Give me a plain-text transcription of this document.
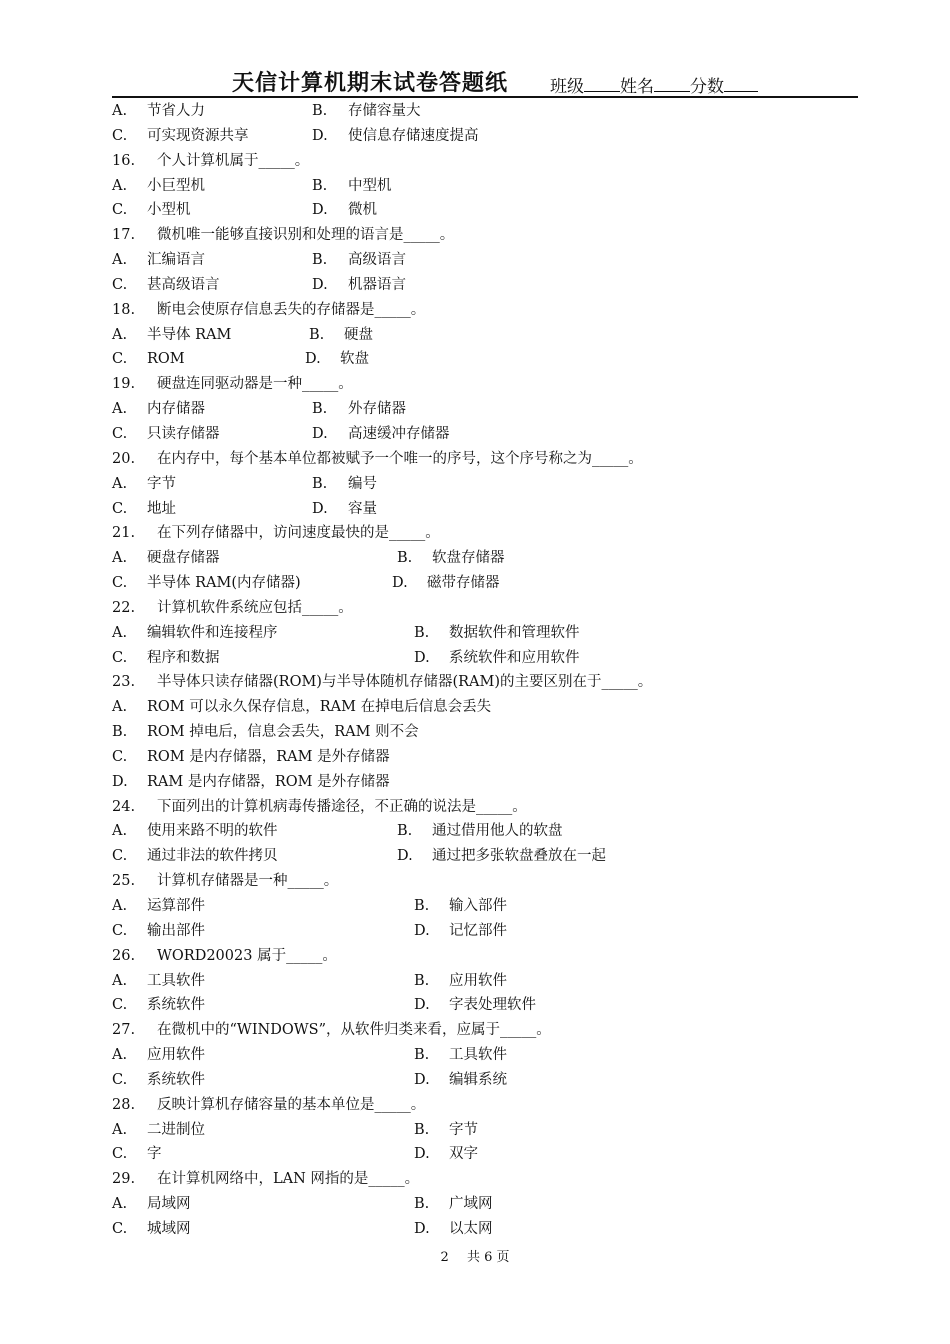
天信计算机期末试卷答题纸 班级 姓名 分数
A. 节省人力	B. 存储容量大
C. 可实现资源共享	D. 使信息存储速度提高
16. 个人计算机属于_____。
A. 小巨型机	B. 中型机
C. 小型机	D. 微机
17. 微机唯一能够直接识别和处理的语言是_____。
A. 汇编语言	B. 高级语言
C. 甚高级语言	D. 机器语言
18. 断电会使原存信息丢失的存储器是_____。
A. 半导体 RAM	B. 硬盘
C. ROM	D. 软盘
19. 硬盘连同驱动器是一种_____。
A. 内存储器	B. 外存储器
C. 只读存储器	D. 高速缓冲存储器
20. 在内存中，每个基本单位都被赋予一个唯一的序号，这个序号称之为_____。
A. 字节	B. 编号
C. 地址	D. 容量
21. 在下列存储器中，访问速度最快的是_____。
A. 硬盘存储器	B. 软盘存储器
C. 半导体 RAM(内存储器)	D. 磁带存储器
22. 计算机软件系统应包括_____。
A. 编辑软件和连接程序	B. 数据软件和管理软件
C. 程序和数据	D. 系统软件和应用软件
23. 半导体只读存储器(ROM)与半导体随机存储器(RAM)的主要区别在于_____。
A. ROM 可以永久保存信息，RAM 在掉电后信息会丢失
B. ROM 掉电后，信息会丢失，RAM 则不会
C. ROM 是内存储器，RAM 是外存储器
D. RAM 是内存储器，ROM 是外存储器
24. 下面列出的计算机病毒传播途径，不正确的说法是_____。
A. 使用来路不明的软件	B. 通过借用他人的软盘
C. 通过非法的软件拷贝	D. 通过把多张软盘叠放在一起
25. 计算机存储器是一种_____。
A. 运算部件	B. 输入部件
C. 输出部件	D. 记忆部件
26. WORD20023 属于_____。
A. 工具软件	B. 应用软件
C. 系统软件	D. 字表处理软件
27. 在微机中的“WINDOWS”，从软件归类来看，应属于_____。
A. 应用软件	B. 工具软件
C. 系统软件	D. 编辑系统
28. 反映计算机存储容量的基本单位是_____。
A. 二进制位	B. 字节
C. 字	D. 双字
29. 在计算机网络中，LAN 网指的是_____。
A. 局域网	B. 广域网
C. 城域网	D. 以太网
2 共 6 页
